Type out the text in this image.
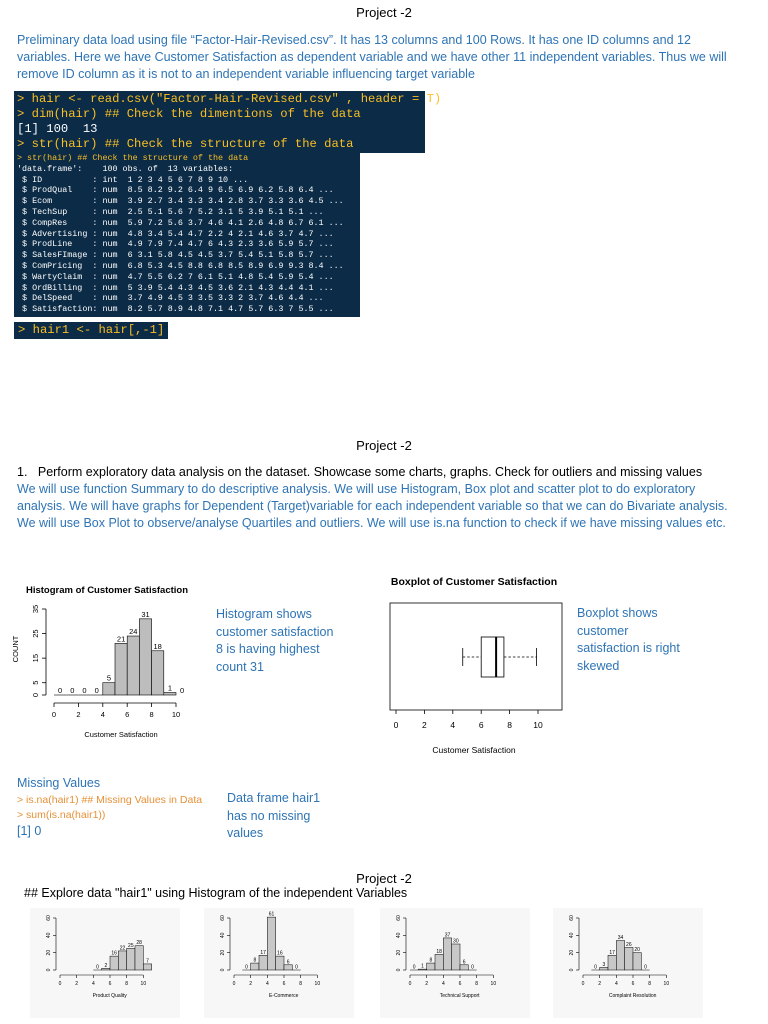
Project -2
Preliminary data load using file “Factor-Hair-Revised.csv”. It has 13 columns and 100 Rows. It has one ID columns and 12 variables. Here we have Customer Satisfaction as dependent variable and we have other 11 independent variables. Thus we will remove ID column as it is not to an independent variable influencing target variable
> hair <- read.csv("Factor-Hair-Revised.csv" , header = T)
> dim(hair) ## Check the dimentions of the data
[1] 100  13
> str(hair) ## Check the structure of the data
> str(hair) ## Check the structure of the data
'data.frame':    100 obs. of  13 variables:
$ ID          : int  1 2 3 4 5 6 7 8 9 10 ...
$ ProdQual    : num  8.5 8.2 9.2 6.4 9 6.5 6.9 6.2 5.8 6.4 ...
$ Ecom        : num  3.9 2.7 3.4 3.3 3.4 2.8 3.7 3.3 3.6 4.5 ...
$ TechSup     : num  2.5 5.1 5.6 7 5.2 3.1 5 3.9 5.1 5.1 ...
$ CompRes     : num  5.9 7.2 5.6 3.7 4.6 4.1 2.6 4.8 6.7 6.1 ...
$ Advertising : num  4.8 3.4 5.4 4.7 2.2 4 2.1 4.6 3.7 4.7 ...
$ ProdLine    : num  4.9 7.9 7.4 4.7 6 4.3 2.3 3.6 5.9 5.7 ...
$ SalesFImage : num  6 3.1 5.8 4.5 4.5 3.7 5.4 5.1 5.8 5.7 ...
$ ComPricing  : num  6.8 5.3 4.5 8.8 6.8 8.5 8.9 6.9 9.3 8.4 ...
$ WartyClaim  : num  4.7 5.5 6.2 7 6.1 5.1 4.8 5.4 5.9 5.4 ...
$ OrdBilling  : num  5 3.9 5.4 4.3 4.5 3.6 2.1 4.3 4.4 4.1 ...
$ DelSpeed    : num  3.7 4.9 4.5 3 3.5 3.3 2 3.7 4.6 4.4 ...
$ Satisfaction: num  8.2 5.7 8.9 4.8 7.1 4.7 5.7 6.3 7 5.5 ...
> hair1 <- hair[,-1]
Project -2
1. Perform exploratory data analysis on the dataset. Showcase some charts, graphs. Check for outliers and missing values
We will use function Summary to do descriptive analysis. We will use Histogram, Box plot and scatter plot to do exploratory analysis. We will have graphs for Dependent (Target)variable for each independent variable so that we can do Bivariate analysis. We will use Box Plot to observe/analyse Quartiles and outliers. We will use is.na function to check if we have missing values etc.
Histogram of Customer Satisfaction
COUNT
Customer Satisfaction
0
5
15
25
35
0	2	4	6	8 10
0 0 0 0
5
21
24
31
18
1 0
Histogram shows customer satisfaction 8 is having highest count 31
Boxplot of Customer Satisfaction
0	2	4	6	8	10
Customer Satisfaction
Boxplot shows customer satisfaction is right skewed
Missing Values
> is.na(hair1) ## Missing Values in Data
> sum(is.na(hair1))
[1] 0
Data frame hair1 has no missing values
Project -2
## Explore data "hair1" using Histogram of the independent Variables
0
20
40
60
0	2	4	6	8 10
0 2
16
22 25 28
7
Product Quality
0
20
40
60
0	2	4	6	8 10
0
8
17
61
16
6
0
E-Commerce
0
20
40
60
0	2	4	6	8 10
0 1
8
18
37
30
6
0
Technical Support
0
20
40
60
0	2	4	6	8 10
0 3
17
34
26
20
0
Complaint Resolution
